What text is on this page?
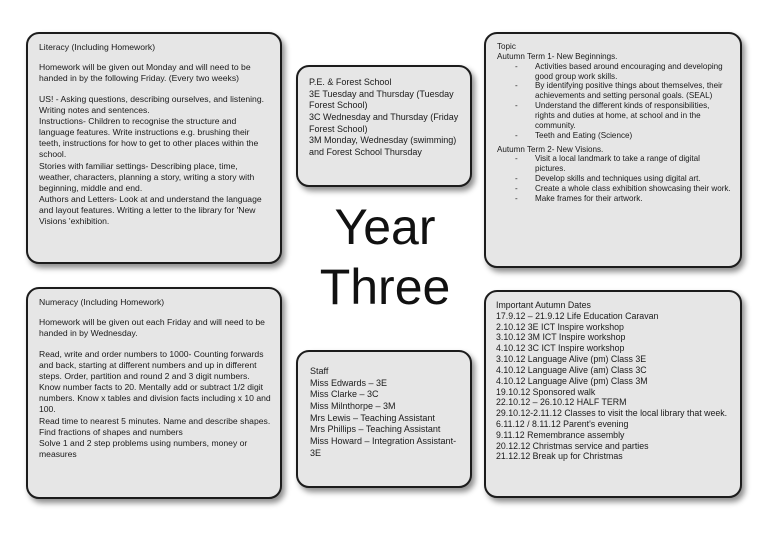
Literacy (Including Homework)

Homework will be given out Monday and will need to be handed in by the following Friday. (Every two weeks)

US! - Asking questions, describing ourselves, and listening. Writing notes and sentences.

Instructions- Children to recognise the structure and language features. Write instructions e.g. brushing their teeth, instructions for how to get to other places within the school.

Stories with familiar settings- Describing place, time, weather, characters, planning a story, writing a story with beginning, middle and end.

Authors and Letters- Look at and understand the language and layout features. Writing a letter to the library for 'New Visions 'exhibition.

P.E. & Forest School

3E Tuesday and Thursday (Tuesday Forest School)

3C Wednesday and Thursday (Friday Forest School)

3M Monday, Wednesday (swimming) and Forest School Thursday

Year
Three

Topic

Autumn Term 1- New Beginnings.

- Activities based around encouraging and developing good group work skills.
- By identifying positive things about themselves, their achievements and setting personal goals. (SEAL)
- Understand the different kinds of responsibilities, rights and duties at home, at school and in the community.
- Teeth and Eating (Science)

Autumn Term 2- New Visions.

- Visit a local landmark to take a range of digital pictures.
- Develop skills and techniques using digital art.
- Create a whole class exhibition showcasing their work.
- Make frames for their artwork.

Numeracy (Including Homework)

Homework will be given out each Friday and will need to be handed in by Wednesday.

Read, write and order numbers to 1000- Counting forwards and back, starting at different numbers and up in different steps. Order, partition and round 2 and 3 digit numbers.

Know number facts to 20. Mentally add or subtract 1/2 digit numbers. Know x tables and division facts including x 10 and 100.

Read time to nearest 5 minutes. Name and describe shapes. Find fractions of shapes and numbers

Solve 1 and 2 step problems using numbers, money or measures

Staff

Miss Edwards – 3E

Miss Clarke – 3C

Miss Milnthorpe – 3M

Mrs Lewis – Teaching Assistant

Mrs Phillips – Teaching Assistant

Miss Howard – Integration Assistant- 3E

Important Autumn Dates

17.9.12 – 21.9.12 Life Education Caravan

2.10.12 3E ICT Inspire workshop

3.10.12 3M ICT Inspire workshop

4.10.12 3C ICT Inspire workshop

3.10.12 Language Alive (pm) Class 3E

4.10.12 Language Alive (am) Class 3C

4.10.12 Language Alive (pm) Class 3M

19.10.12 Sponsored walk

22.10.12 – 26.10.12 HALF TERM

29.10.12-2.11.12 Classes to visit the local library that week.

6.11.12 / 8.11.12 Parent's evening

9.11.12 Remembrance assembly

20.12.12 Christmas service and parties

21.12.12 Break up for Christmas
